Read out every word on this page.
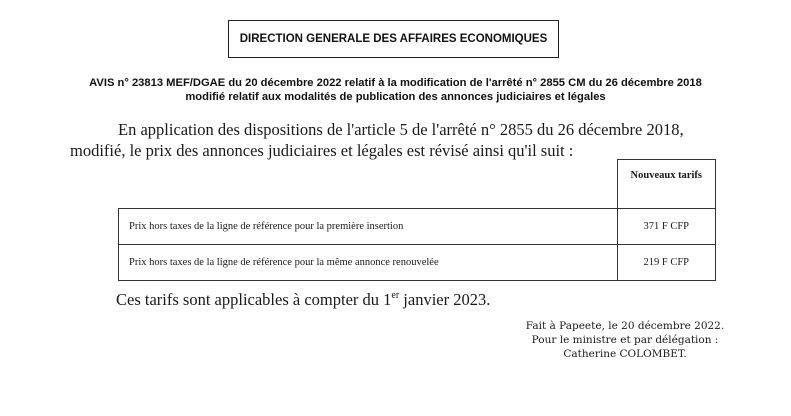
DIRECTION GENERALE DES AFFAIRES ECONOMIQUES
AVIS n° 23813 MEF/DGAE du 20 décembre 2022 relatif à la modification de l'arrêté n° 2855 CM du 26 décembre 2018
modifié relatif aux modalités de publication des annonces judiciaires et légales
En application des dispositions de l'article 5 de l'arrêté n° 2855 du 26 décembre 2018,
modifié, le prix des annonces judiciaires et légales est révisé ainsi qu'il suit :
	Nouveaux tarifs
Prix hors taxes de la ligne de référence pour la première insertion	371 F CFP
Prix hors taxes de la ligne de référence pour la même annonce renouvelée	219 F CFP
Ces tarifs sont applicables à compter du 1er janvier 2023.
Fait à Papeete, le 20 décembre 2022.
Pour le ministre et par délégation :
Catherine COLOMBET.
